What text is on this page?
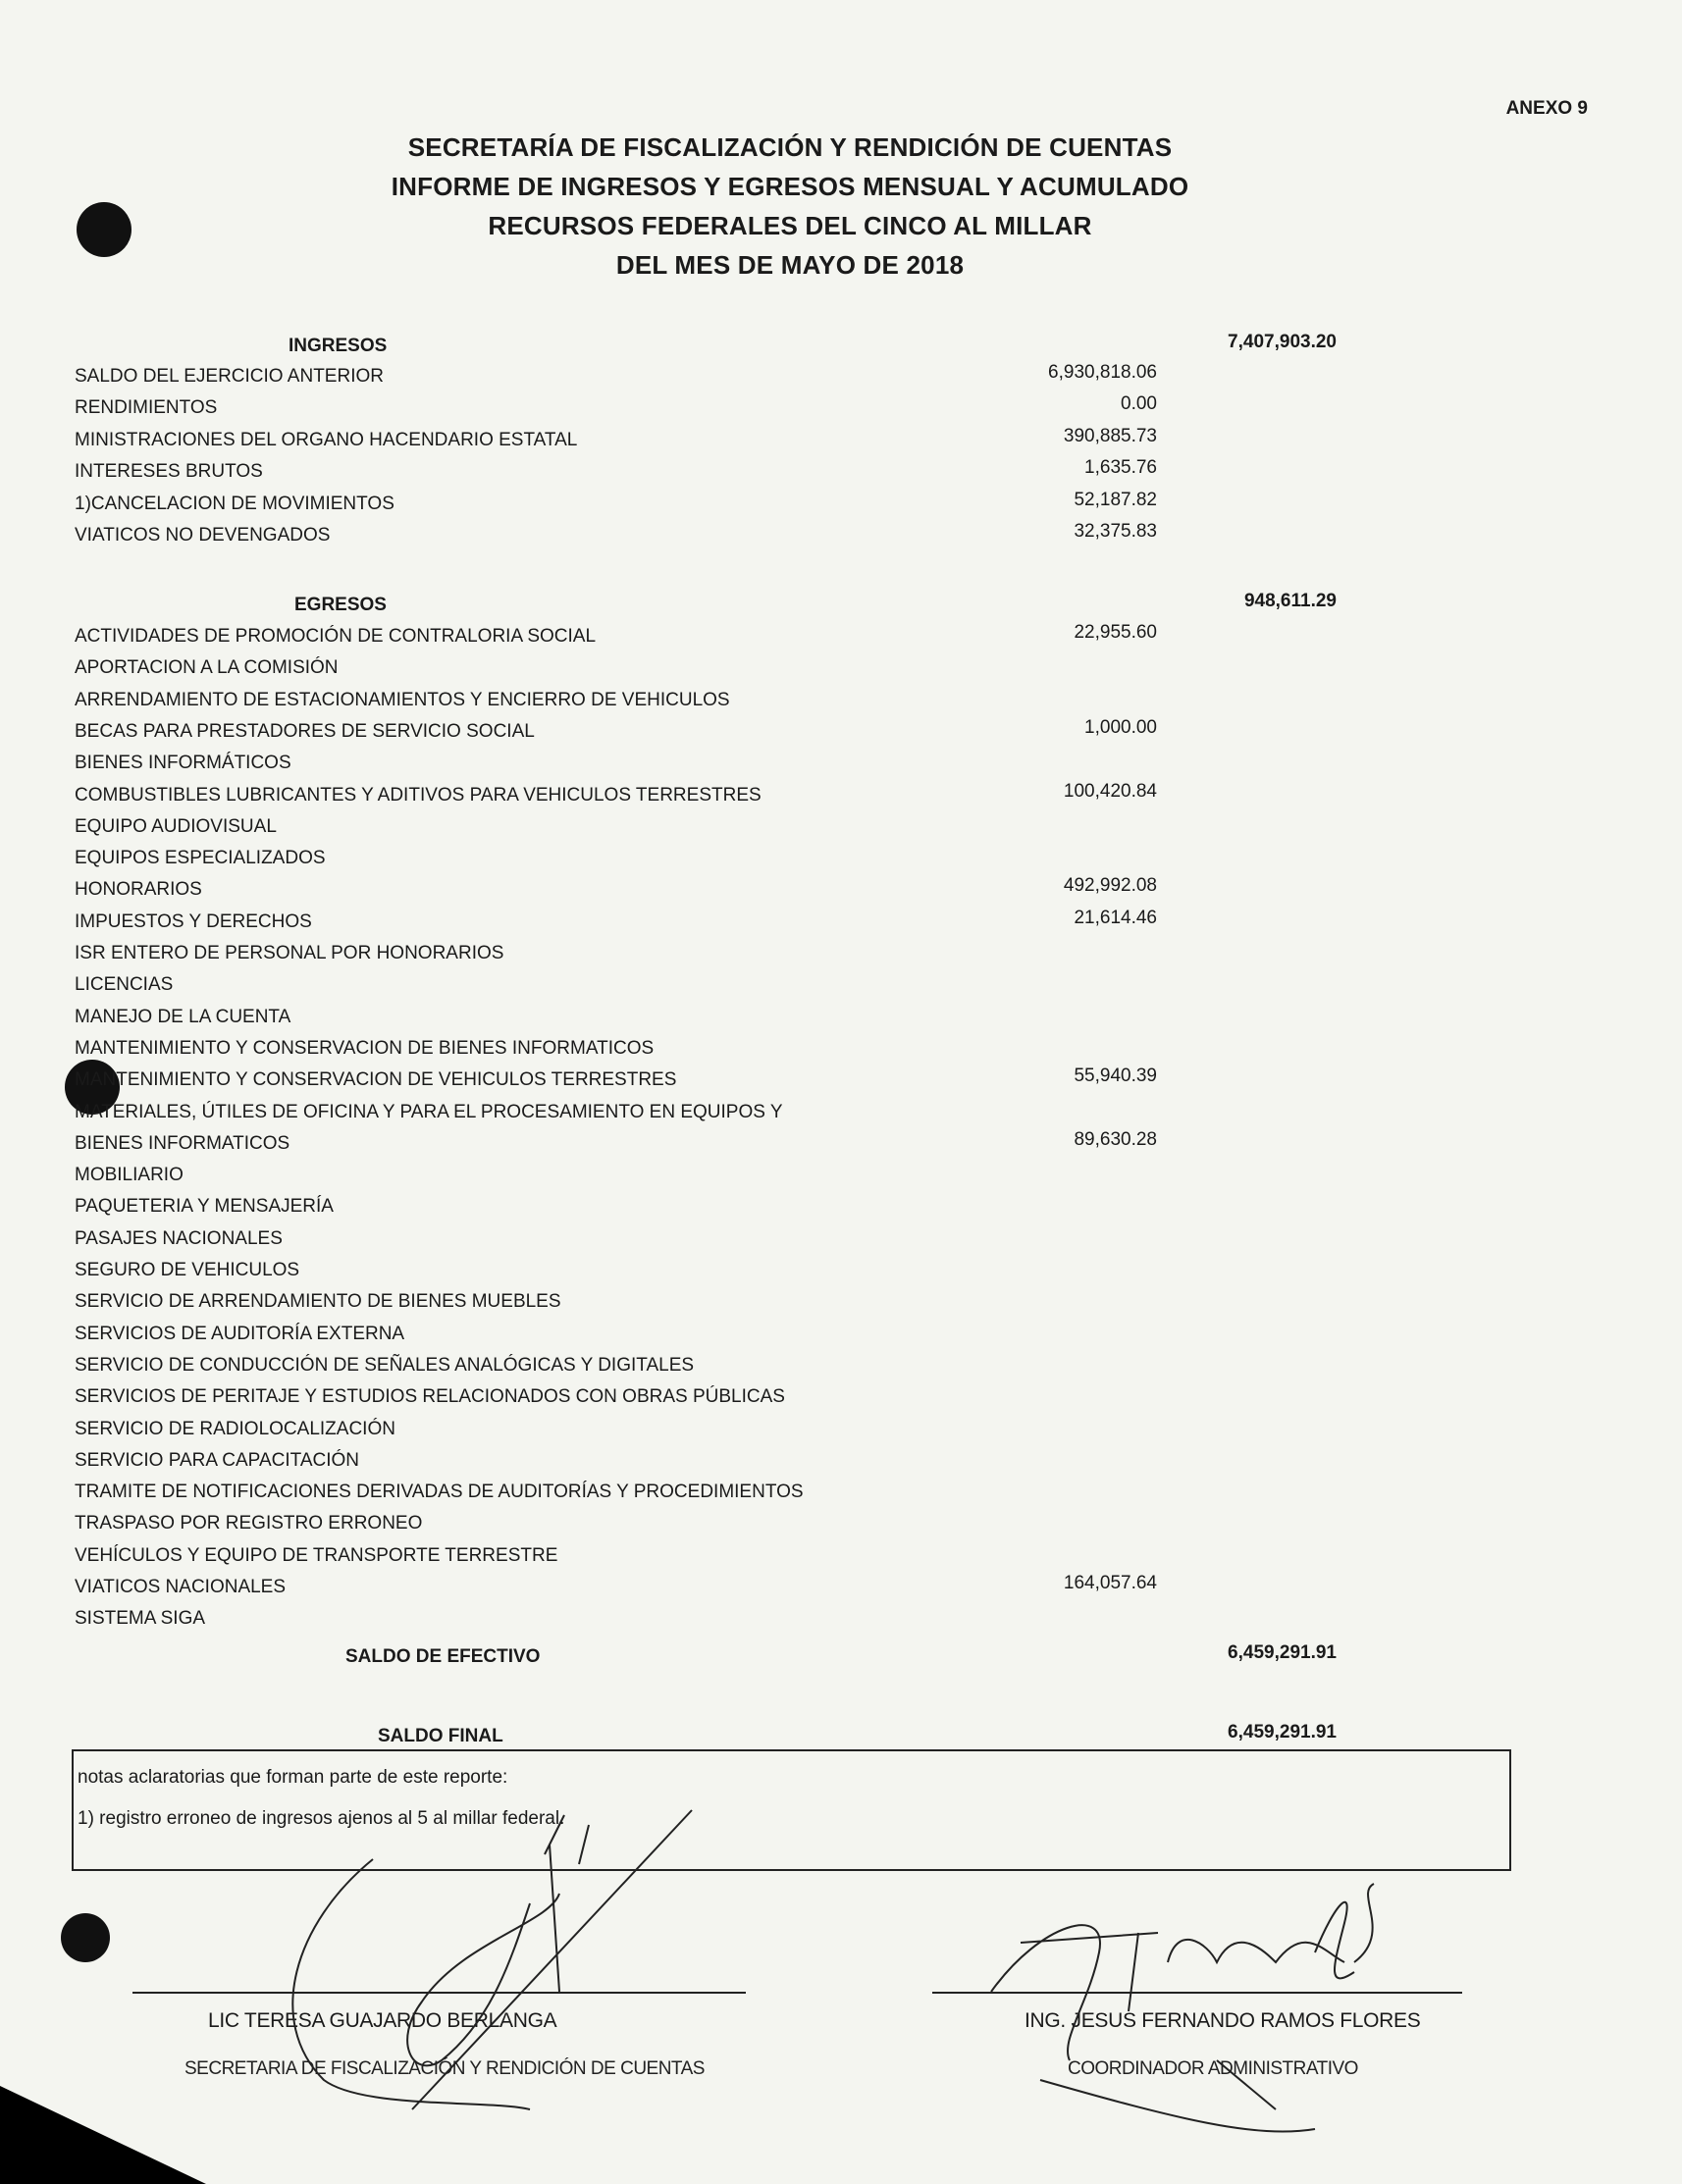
ANEXO 9
SECRETARÍA DE FISCALIZACIÓN Y RENDICIÓN DE CUENTAS
INFORME DE INGRESOS Y EGRESOS MENSUAL Y ACUMULADO
RECURSOS FEDERALES DEL CINCO AL MILLAR
DEL MES DE MAYO DE 2018
INGRESOS	7,407,903.20
SALDO DEL EJERCICIO ANTERIOR	6,930,818.06
RENDIMIENTOS	0.00
MINISTRACIONES DEL ORGANO HACENDARIO ESTATAL	390,885.73
INTERESES BRUTOS	1,635.76
1)CANCELACION DE MOVIMIENTOS	52,187.82
VIATICOS NO DEVENGADOS	32,375.83
EGRESOS	948,611.29
ACTIVIDADES DE PROMOCIÓN DE CONTRALORIA SOCIAL	22,955.60
APORTACION A LA COMISIÓN
ARRENDAMIENTO DE ESTACIONAMIENTOS Y ENCIERRO DE VEHICULOS
BECAS PARA PRESTADORES DE SERVICIO SOCIAL	1,000.00
BIENES INFORMÁTICOS
COMBUSTIBLES LUBRICANTES Y ADITIVOS PARA VEHICULOS TERRESTRES	100,420.84
EQUIPO AUDIOVISUAL
EQUIPOS ESPECIALIZADOS
HONORARIOS	492,992.08
IMPUESTOS Y DERECHOS	21,614.46
ISR ENTERO DE PERSONAL POR HONORARIOS
LICENCIAS
MANEJO DE LA CUENTA
MANTENIMIENTO Y CONSERVACION DE BIENES INFORMATICOS
MANTENIMIENTO Y CONSERVACION DE VEHICULOS TERRESTRES	55,940.39
MATERIALES, ÚTILES DE OFICINA Y PARA EL PROCESAMIENTO EN EQUIPOS Y
BIENES INFORMATICOS	89,630.28
MOBILIARIO
PAQUETERIA Y MENSAJERÍA
PASAJES NACIONALES
SEGURO DE VEHICULOS
SERVICIO DE ARRENDAMIENTO DE BIENES MUEBLES
SERVICIOS DE AUDITORÍA EXTERNA
SERVICIO DE CONDUCCIÓN DE SEÑALES ANALÓGICAS Y DIGITALES
SERVICIOS DE PERITAJE Y ESTUDIOS RELACIONADOS CON OBRAS PÚBLICAS
SERVICIO DE RADIOLOCALIZACIÓN
SERVICIO PARA CAPACITACIÓN
TRAMITE DE NOTIFICACIONES DERIVADAS DE AUDITORÍAS Y PROCEDIMIENTOS
TRASPASO POR REGISTRO ERRONEO
VEHÍCULOS Y EQUIPO DE TRANSPORTE TERRESTRE
VIATICOS NACIONALES	164,057.64
SISTEMA SIGA
SALDO DE EFECTIVO	6,459,291.91
SALDO FINAL	6,459,291.91
notas aclaratorias que forman parte de este reporte:
1) registro erroneo de ingresos ajenos al 5 al millar federal.
LIC TERESA GUAJARDO BERLANGA
SECRETARIA DE FISCALIZACIÓN Y RENDICIÓN DE CUENTAS
ING. JESUS FERNANDO RAMOS FLORES
COORDINADOR ADMINISTRATIVO
